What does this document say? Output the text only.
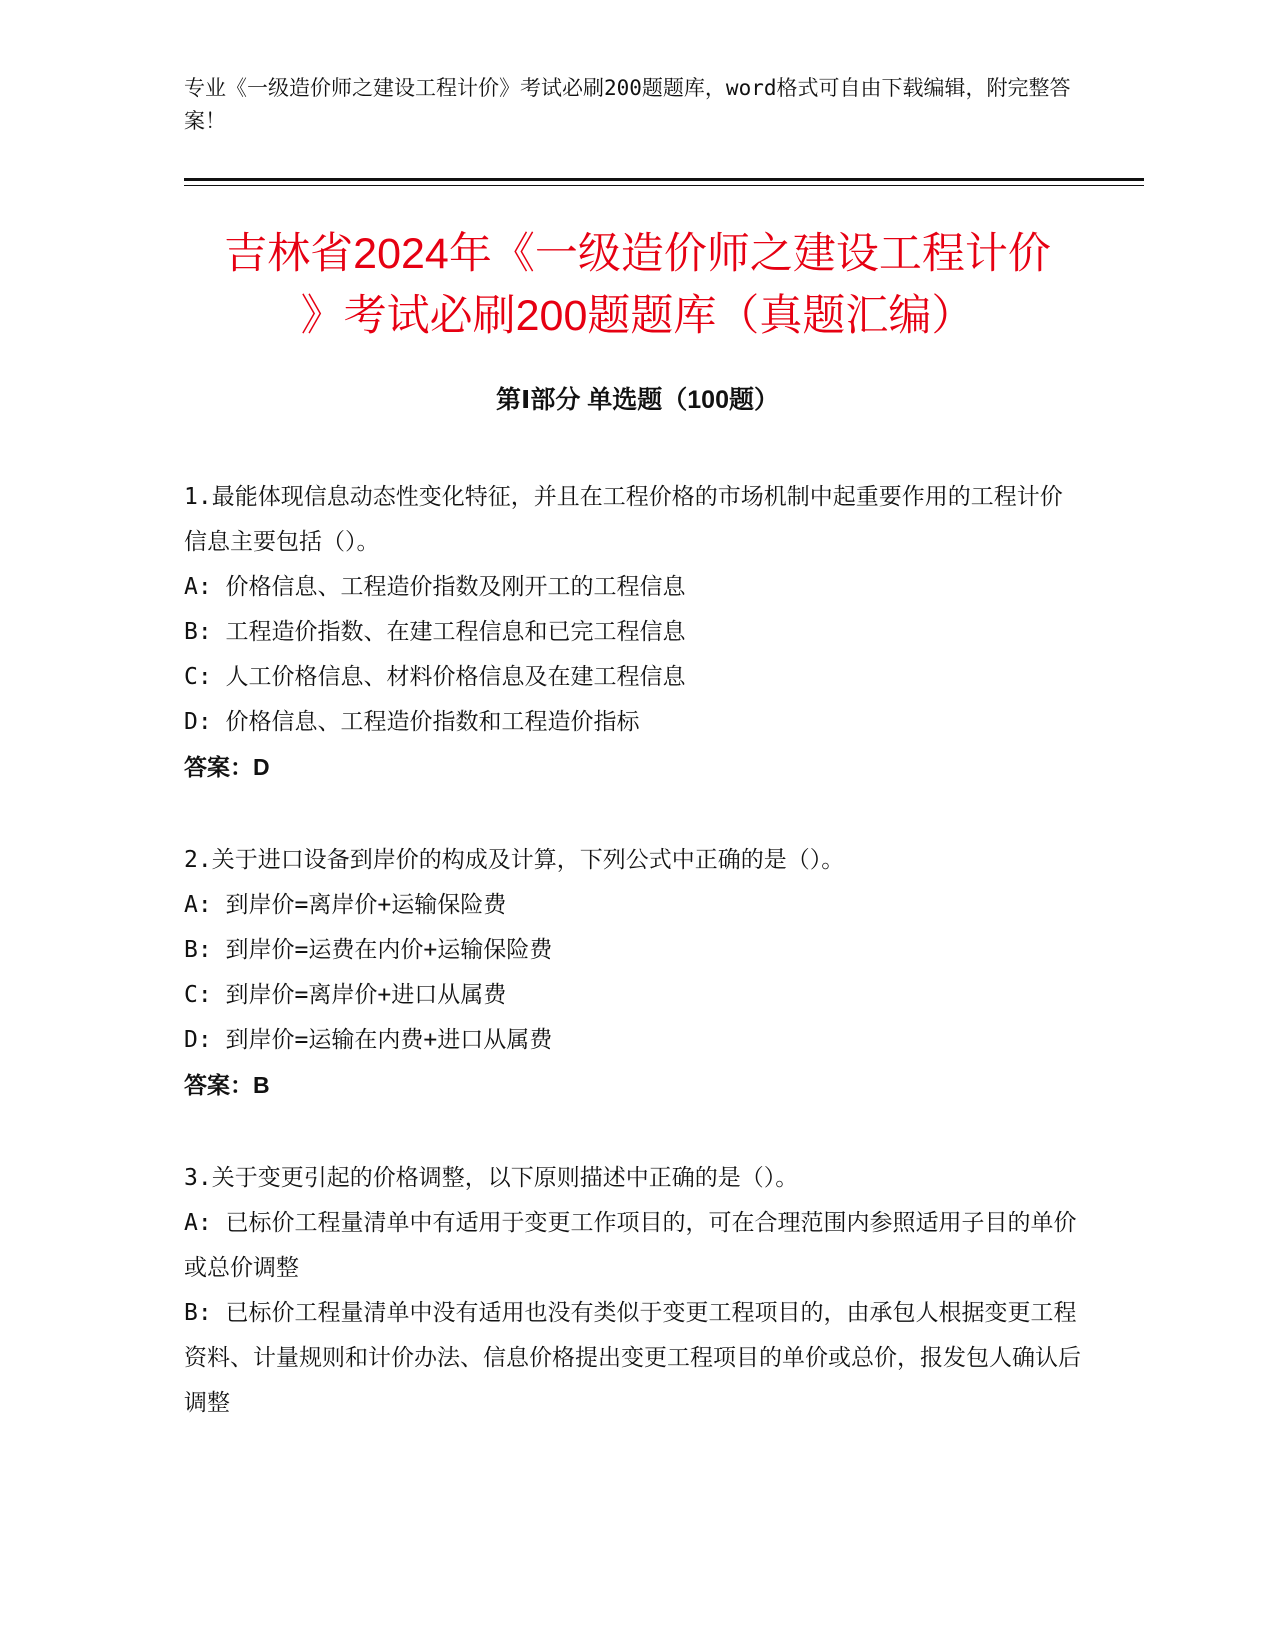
专业《一级造价师之建设工程计价》考试必刷200题题库，word格式可自由下载编辑，附完整答案！
吉林省2024年《一级造价师之建设工程计价
》考试必刷200题题库（真题汇编）
第Ⅰ部分 单选题（100题）
1.最能体现信息动态性变化特征，并且在工程价格的市场机制中起重要作用的工程计价信息主要包括（）。
A: 价格信息、工程造价指数及刚开工的工程信息
B: 工程造价指数、在建工程信息和已完工程信息
C: 人工价格信息、材料价格信息及在建工程信息
D: 价格信息、工程造价指数和工程造价指标
答案：D
2.关于进口设备到岸价的构成及计算，下列公式中正确的是（）。
A: 到岸价=离岸价+运输保险费
B: 到岸价=运费在内价+运输保险费
C: 到岸价=离岸价+进口从属费
D: 到岸价=运输在内费+进口从属费
答案：B
3.关于变更引起的价格调整，以下原则描述中正确的是（）。
A: 已标价工程量清单中有适用于变更工作项目的，可在合理范围内参照适用子目的单价或总价调整
B: 已标价工程量清单中没有适用也没有类似于变更工程项目的，由承包人根据变更工程资料、计量规则和计价办法、信息价格提出变更工程项目的单价或总价，报发包人确认后调整
